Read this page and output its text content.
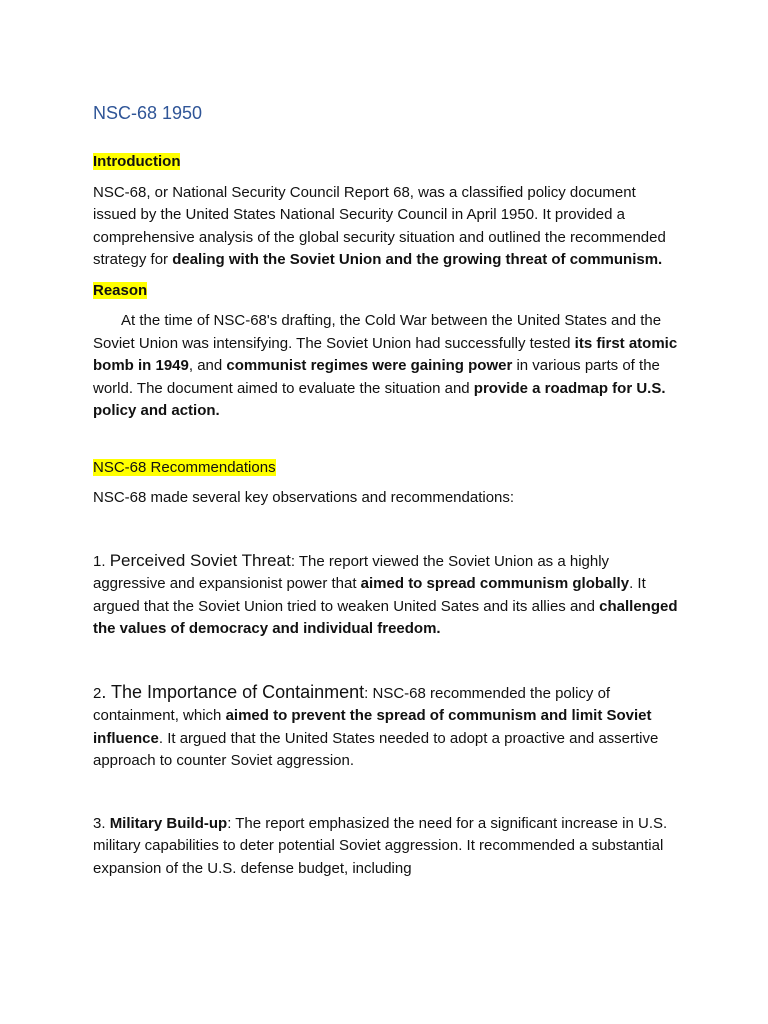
NSC-68 1950
Introduction

NSC-68, or National Security Council Report 68, was a classified policy document issued by the United States National Security Council in April 1950. It provided a comprehensive analysis of the global security situation and outlined the recommended strategy for dealing with the Soviet Union and the growing threat of communism.

Reason

At the time of NSC-68's drafting, the Cold War between the United States and the Soviet Union was intensifying. The Soviet Union had successfully tested its first atomic bomb in 1949, and communist regimes were gaining power in various parts of the world. The document aimed to evaluate the situation and provide a roadmap for U.S. policy and action.

NSC-68 Recommendations

NSC-68 made several key observations and recommendations:

1. Perceived Soviet Threat: The report viewed the Soviet Union as a highly aggressive and expansionist power that aimed to spread communism globally. It argued that the Soviet Union tried to weaken United Sates and its allies and challenged the values of democracy and individual freedom.

2. The Importance of Containment: NSC-68 recommended the policy of containment, which aimed to prevent the spread of communism and limit Soviet influence. It argued that the United States needed to adopt a proactive and assertive approach to counter Soviet aggression.

3. Military Build-up: The report emphasized the need for a significant increase in U.S. military capabilities to deter potential Soviet aggression. It recommended a substantial expansion of the U.S. defense budget, including
